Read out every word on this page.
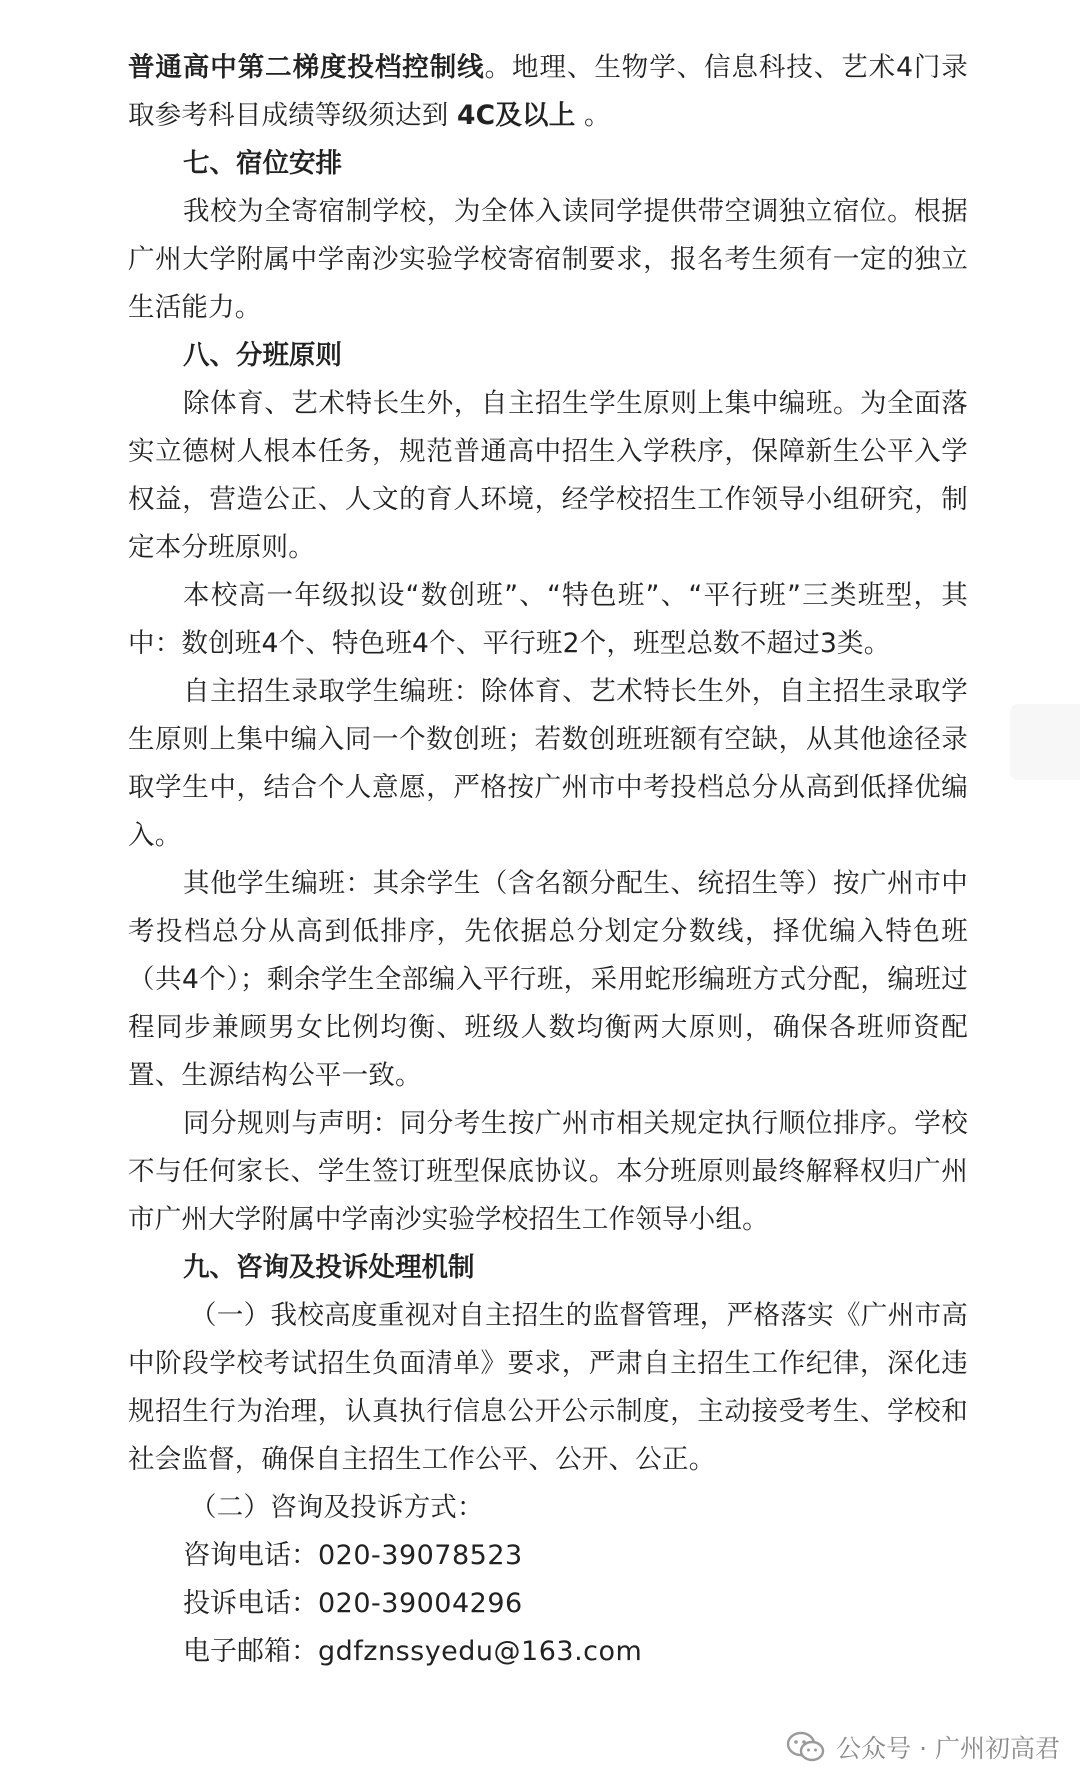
普通高中第二梯度投档控制线。地理、生物学、信息科技、艺术4门录取参考科目成绩等级须达到 4C及以上 。

七、宿位安排

我校为全寄宿制学校，为全体入读同学提供带空调独立宿位。根据广州大学附属中学南沙实验学校寄宿制要求，报名考生须有一定的独立生活能力。

八、分班原则

除体育、艺术特长生外，自主招生学生原则上集中编班。为全面落实立德树人根本任务，规范普通高中招生入学秩序，保障新生公平入学权益，营造公正、人文的育人环境，经学校招生工作领导小组研究，制定本分班原则。

本校高一年级拟设“数创班”、“特色班”、“平行班”三类班型，其中：数创班4个、特色班4个、平行班2个，班型总数不超过3类。

自主招生录取学生编班：除体育、艺术特长生外，自主招生录取学生原则上集中编入同一个数创班；若数创班班额有空缺，从其他途径录取学生中，结合个人意愿，严格按广州市中考投档总分从高到低择优编入。

其他学生编班：其余学生（含名额分配生、统招生等）按广州市中考投档总分从高到低排序，先依据总分划定分数线，择优编入特色班（共4个）；剩余学生全部编入平行班，采用蛇形编班方式分配，编班过程同步兼顾男女比例均衡、班级人数均衡两大原则，确保各班师资配置、生源结构公平一致。

同分规则与声明：同分考生按广州市相关规定执行顺位排序。学校不与任何家长、学生签订班型保底协议。本分班原则最终解释权归广州市广州大学附属中学南沙实验学校招生工作领导小组。

九、咨询及投诉处理机制

（一）我校高度重视对自主招生的监督管理，严格落实《广州市高中阶段学校考试招生负面清单》要求，严肃自主招生工作纪律，深化违规招生行为治理，认真执行信息公开公示制度，主动接受考生、学校和社会监督，确保自主招生工作公平、公开、公正。

（二）咨询及投诉方式：

咨询电话：020-39078523

投诉电话：020-39004296

电子邮箱：gdfznssyedu@163.com

公众号 · 广州初高君
